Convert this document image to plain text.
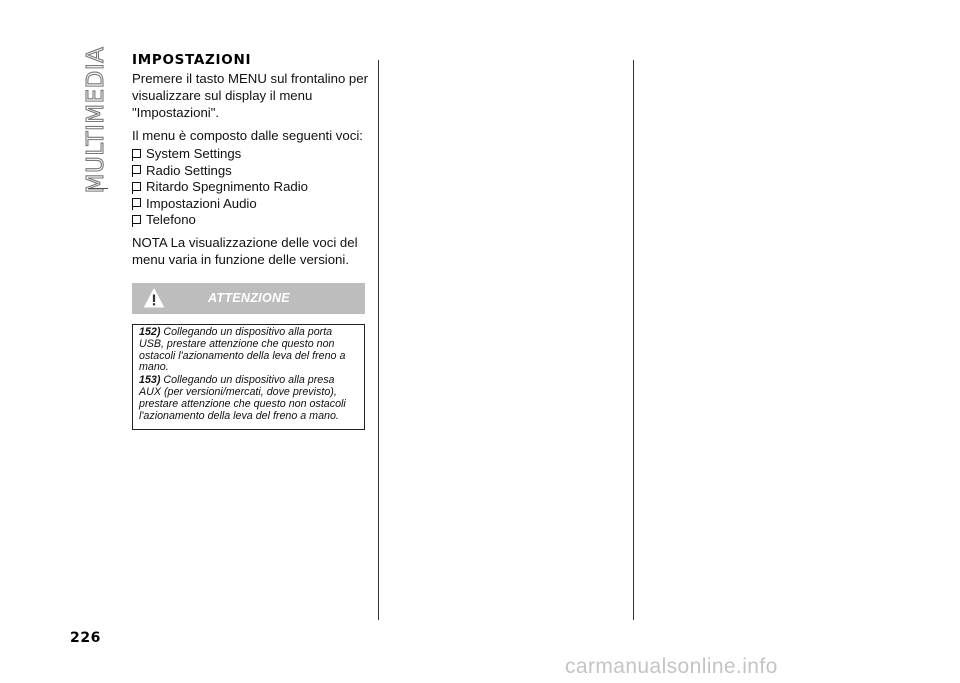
MULTIMEDIA IMPOSTAZIONI

Premere il tasto MENU sul frontalino per visualizzare sul display il menu "Impostazioni".

Il menu è composto dalle seguenti voci:

System Settings
Radio Settings
Ritardo Spegnimento Radio
Impostazioni Audio
Telefono

NOTA La visualizzazione delle voci del menu varia in funzione delle versioni.

ATTENZIONE

152) Collegando un dispositivo alla porta USB, prestare attenzione che questo non ostacoli l'azionamento della leva del freno a mano.

153) Collegando un dispositivo alla presa AUX (per versioni/mercati, dove previsto), prestare attenzione che questo non ostacoli l'azionamento della leva del freno a mano.

226
carmanualsonline.info
